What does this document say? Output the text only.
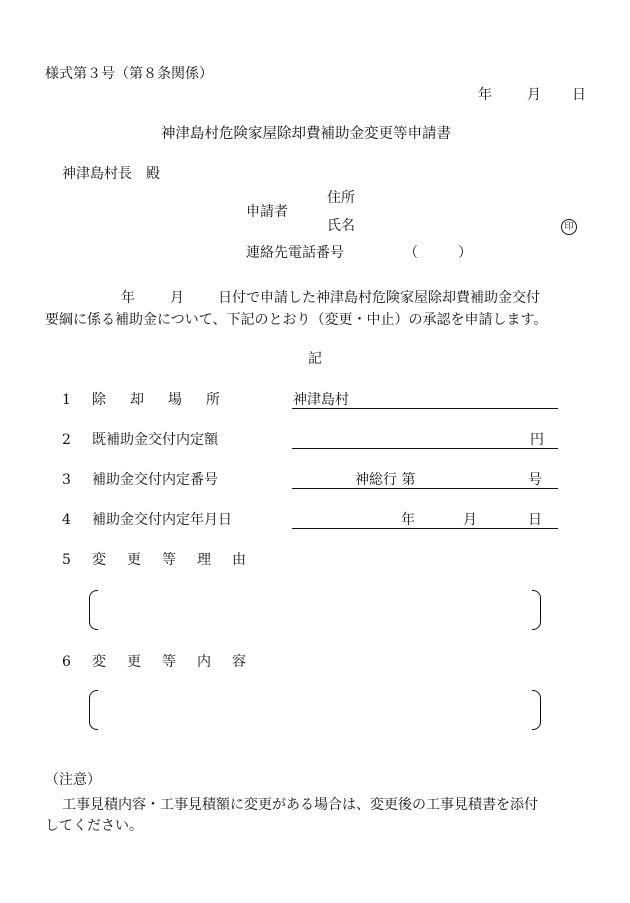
様式第３号（第８条関係）
年	月 日
神津島村危険家屋除却費補助金変更等申請書
神津島村長　殿
住所
申請者
氏名	印
連絡先電話番号	（	）
年	月 日付で申請した神津島村危険家屋除却費補助金交付
要綱に係る補助金について、下記のとおり（変更・中止）の承認を申請します。
記
1 除却場所	神津島村
2 既補助金交付内定額	円
3 補助金交付内定番号	神総行 第	号
4 補助金交付内定年月日	年	月	日
5 変更等理由
6 変更等内容
（注意）
工事見積内容・工事見積額に変更がある場合は、変更後の工事見積書を添付
してください。
